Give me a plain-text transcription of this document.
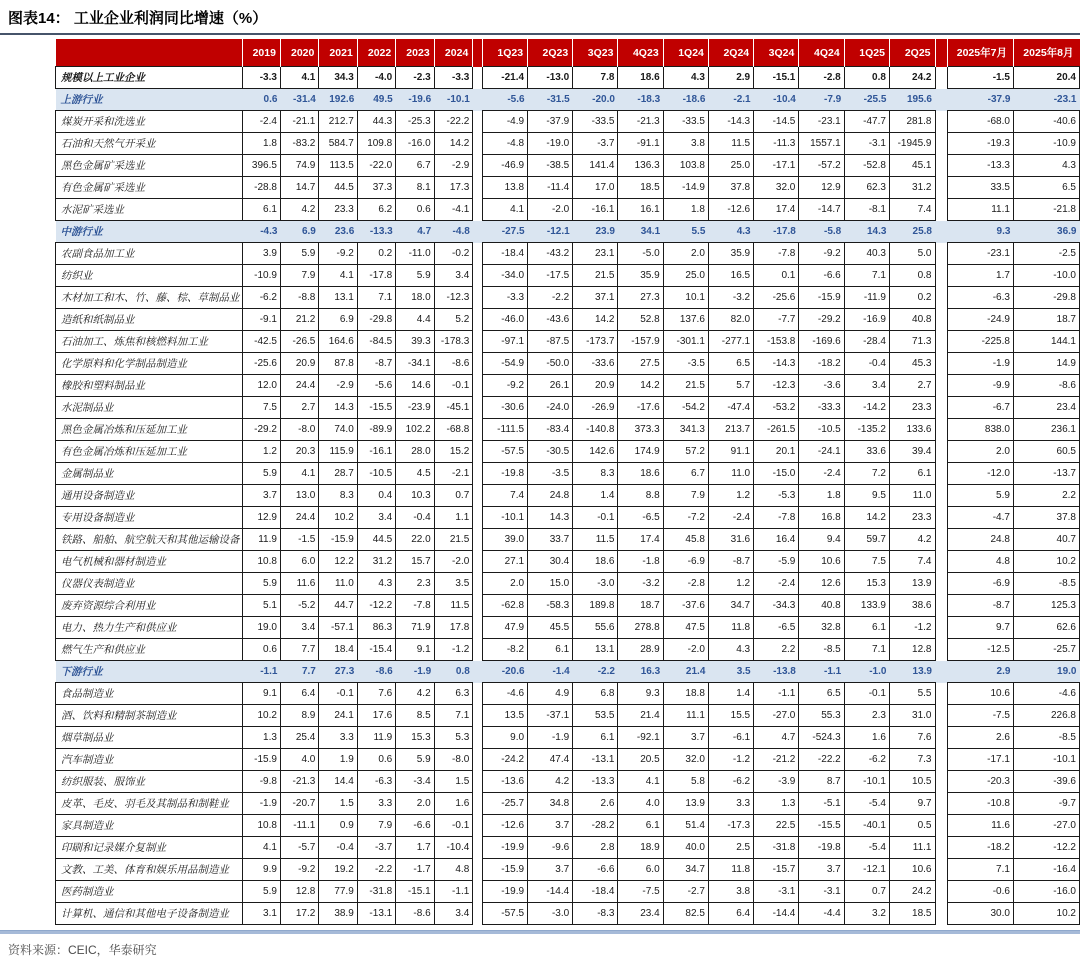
图表14： 工业企业利润同比增速（%）
	2019	2020	2021	2022	2023	2024		1Q23	2Q23	3Q23	4Q23	1Q24	2Q24	3Q24	4Q24	1Q25	2Q25		2025年7月	2025年8月
规模以上工业企业	-3.3	4.1	34.3	-4.0	-2.3	-3.3		-21.4	-13.0	7.8	18.6	4.3	2.9	-15.1	-2.8	0.8	24.2		-1.5	20.4
上游行业	0.6	-31.4	192.6	49.5	-19.6	-10.1		-5.6	-31.5	-20.0	-18.3	-18.6	-2.1	-10.4	-7.9	-25.5	195.6		-37.9	-23.1
煤炭开采和洗选业	-2.4	-21.1	212.7	44.3	-25.3	-22.2		-4.9	-37.9	-33.5	-21.3	-33.5	-14.3	-14.5	-23.1	-47.7	281.8		-68.0	-40.6
石油和天然气开采业	1.8	-83.2	584.7	109.8	-16.0	14.2		-4.8	-19.0	-3.7	-91.1	3.8	11.5	-11.3	1557.1	-3.1	-1945.9		-19.3	-10.9
黑色金属矿采选业	396.5	74.9	113.5	-22.0	6.7	-2.9		-46.9	-38.5	141.4	136.3	103.8	25.0	-17.1	-57.2	-52.8	45.1		-13.3	4.3
有色金属矿采选业	-28.8	14.7	44.5	37.3	8.1	17.3		13.8	-11.4	17.0	18.5	-14.9	37.8	32.0	12.9	62.3	31.2		33.5	6.5
水泥矿采选业	6.1	4.2	23.3	6.2	0.6	-4.1		4.1	-2.0	-16.1	16.1	1.8	-12.6	17.4	-14.7	-8.1	7.4		11.1	-21.8
中游行业	-4.3	6.9	23.6	-13.3	4.7	-4.8		-27.5	-12.1	23.9	34.1	5.5	4.3	-17.8	-5.8	14.3	25.8		9.3	36.9
农副食品加工业	3.9	5.9	-9.2	0.2	-11.0	-0.2		-18.4	-43.2	23.1	-5.0	2.0	35.9	-7.8	-9.2	40.3	5.0		-23.1	-2.5
纺织业	-10.9	7.9	4.1	-17.8	5.9	3.4		-34.0	-17.5	21.5	35.9	25.0	16.5	0.1	-6.6	7.1	0.8		1.7	-10.0
木材加工和木、竹、藤、棕、草制品业	-6.2	-8.8	13.1	7.1	18.0	-12.3		-3.3	-2.2	37.1	27.3	10.1	-3.2	-25.6	-15.9	-11.9	0.2		-6.3	-29.8
造纸和纸制品业	-9.1	21.2	6.9	-29.8	4.4	5.2		-46.0	-43.6	14.2	52.8	137.6	82.0	-7.7	-29.2	-16.9	40.8		-24.9	18.7
石油加工、炼焦和核燃料加工业	-42.5	-26.5	164.6	-84.5	39.3	-178.3		-97.1	-87.5	-173.7	-157.9	-301.1	-277.1	-153.8	-169.6	-28.4	71.3		-225.8	144.1
化学原料和化学制品制造业	-25.6	20.9	87.8	-8.7	-34.1	-8.6		-54.9	-50.0	-33.6	27.5	-3.5	6.5	-14.3	-18.2	-0.4	45.3		-1.9	14.9
橡胶和塑料制品业	12.0	24.4	-2.9	-5.6	14.6	-0.1		-9.2	26.1	20.9	14.2	21.5	5.7	-12.3	-3.6	3.4	2.7		-9.9	-8.6
水泥制品业	7.5	2.7	14.3	-15.5	-23.9	-45.1		-30.6	-24.0	-26.9	-17.6	-54.2	-47.4	-53.2	-33.3	-14.2	23.3		-6.7	23.4
黑色金属冶炼和压延加工业	-29.2	-8.0	74.0	-89.9	102.2	-68.8		-111.5	-83.4	-140.8	373.3	341.3	213.7	-261.5	-10.5	-135.2	133.6		838.0	236.1
有色金属冶炼和压延加工业	1.2	20.3	115.9	-16.1	28.0	15.2		-57.5	-30.5	142.6	174.9	57.2	91.1	20.1	-24.1	33.6	39.4		2.0	60.5
金属制品业	5.9	4.1	28.7	-10.5	4.5	-2.1		-19.8	-3.5	8.3	18.6	6.7	11.0	-15.0	-2.4	7.2	6.1		-12.0	-13.7
通用设备制造业	3.7	13.0	8.3	0.4	10.3	0.7		7.4	24.8	1.4	8.8	7.9	1.2	-5.3	1.8	9.5	11.0		5.9	2.2
专用设备制造业	12.9	24.4	10.2	3.4	-0.4	1.1		-10.1	14.3	-0.1	-6.5	-7.2	-2.4	-7.8	16.8	14.2	23.3		-4.7	37.8
铁路、船舶、航空航天和其他运输设备	11.9	-1.5	-15.9	44.5	22.0	21.5		39.0	33.7	11.5	17.4	45.8	31.6	16.4	9.4	59.7	4.2		24.8	40.7
电气机械和器材制造业	10.8	6.0	12.2	31.2	15.7	-2.0		27.1	30.4	18.6	-1.8	-6.9	-8.7	-5.9	10.6	7.5	7.4		4.8	10.2
仪器仪表制造业	5.9	11.6	11.0	4.3	2.3	3.5		2.0	15.0	-3.0	-3.2	-2.8	1.2	-2.4	12.6	15.3	13.9		-6.9	-8.5
废弃资源综合利用业	5.1	-5.2	44.7	-12.2	-7.8	11.5		-62.8	-58.3	189.8	18.7	-37.6	34.7	-34.3	40.8	133.9	38.6		-8.7	125.3
电力、热力生产和供应业	19.0	3.4	-57.1	86.3	71.9	17.8		47.9	45.5	55.6	278.8	47.5	11.8	-6.5	32.8	6.1	-1.2		9.7	62.6
燃气生产和供应业	0.6	7.7	18.4	-15.4	9.1	-1.2		-8.2	6.1	13.1	28.9	-2.0	4.3	2.2	-8.5	7.1	12.8		-12.5	-25.7
下游行业	-1.1	7.7	27.3	-8.6	-1.9	0.8		-20.6	-1.4	-2.2	16.3	21.4	3.5	-13.8	-1.1	-1.0	13.9		2.9	19.0
食品制造业	9.1	6.4	-0.1	7.6	4.2	6.3		-4.6	4.9	6.8	9.3	18.8	1.4	-1.1	6.5	-0.1	5.5		10.6	-4.6
酒、饮料和精制茶制造业	10.2	8.9	24.1	17.6	8.5	7.1		13.5	-37.1	53.5	21.4	11.1	15.5	-27.0	55.3	2.3	31.0		-7.5	226.8
烟草制品业	1.3	25.4	3.3	11.9	15.3	5.3		9.0	-1.9	6.1	-92.1	3.7	-6.1	4.7	-524.3	1.6	7.6		2.6	-8.5
汽车制造业	-15.9	4.0	1.9	0.6	5.9	-8.0		-24.2	47.4	-13.1	20.5	32.0	-1.2	-21.2	-22.2	-6.2	7.3		-17.1	-10.1
纺织服装、服饰业	-9.8	-21.3	14.4	-6.3	-3.4	1.5		-13.6	4.2	-13.3	4.1	5.8	-6.2	-3.9	8.7	-10.1	10.5		-20.3	-39.6
皮革、毛皮、羽毛及其制品和制鞋业	-1.9	-20.7	1.5	3.3	2.0	1.6		-25.7	34.8	2.6	4.0	13.9	3.3	1.3	-5.1	-5.4	9.7		-10.8	-9.7
家具制造业	10.8	-11.1	0.9	7.9	-6.6	-0.1		-12.6	3.7	-28.2	6.1	51.4	-17.3	22.5	-15.5	-40.1	0.5		11.6	-27.0
印刷和记录媒介复制业	4.1	-5.7	-0.4	-3.7	1.7	-10.4		-19.9	-9.6	2.8	18.9	40.0	2.5	-31.8	-19.8	-5.4	11.1		-18.2	-12.2
文教、工美、体育和娱乐用品制造业	9.9	-9.2	19.2	-2.2	-1.7	4.8		-15.9	3.7	-6.6	6.0	34.7	11.8	-15.7	3.7	-12.1	10.6		7.1	-16.4
医药制造业	5.9	12.8	77.9	-31.8	-15.1	-1.1		-19.9	-14.4	-18.4	-7.5	-2.7	3.8	-3.1	-3.1	0.7	24.2		-0.6	-16.0
计算机、通信和其他电子设备制造业	3.1	17.2	38.9	-13.1	-8.6	3.4		-57.5	-3.0	-8.3	23.4	82.5	6.4	-14.4	-4.4	3.2	18.5		30.0	10.2
资料来源：CEIC，华泰研究
